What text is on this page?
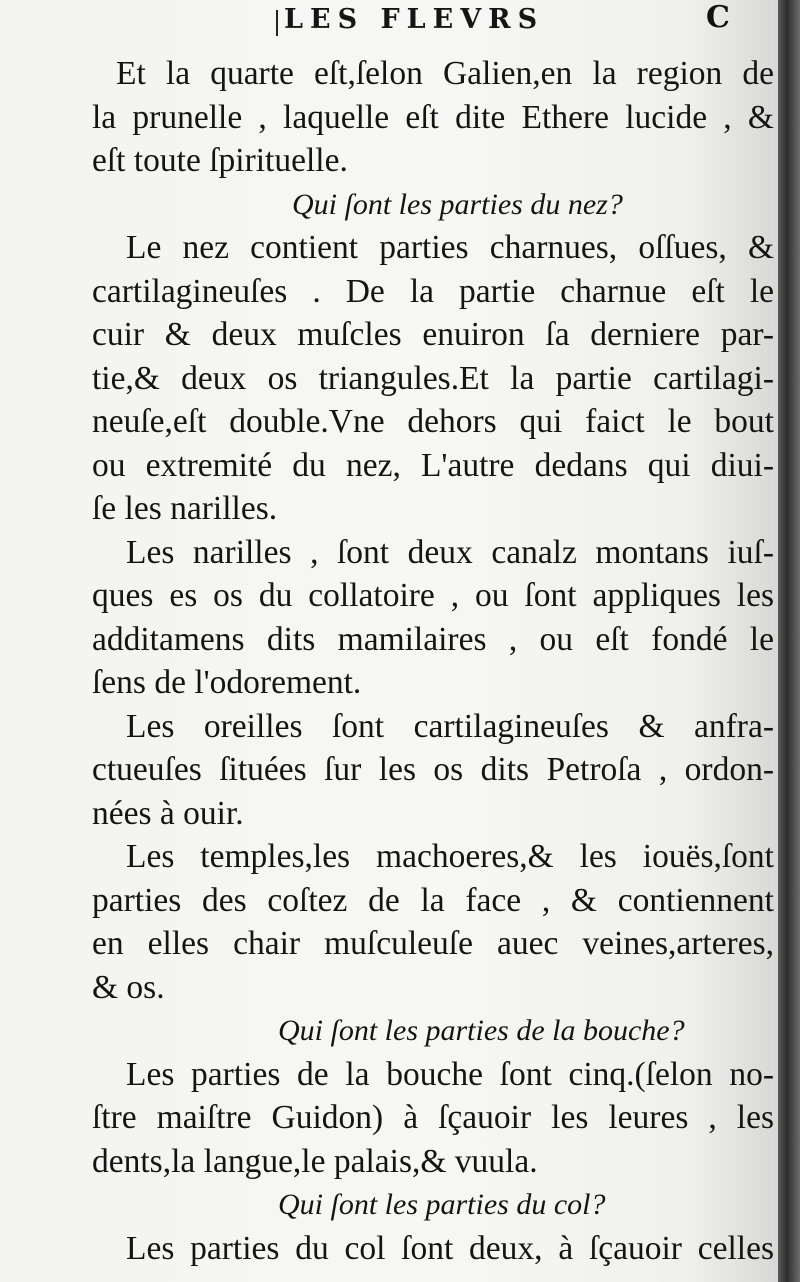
LES FLEVRS	C
Et la quarte eſt,ſelon Galien,en la region de
la prunelle , laquelle eſt dite Ethere lucide , &
eſt toute ſpirituelle.
Qui ſont les parties du nez?
Le nez contient parties charnues, oſſues, &
cartilagineuſes . De la partie charnue eſt le
cuir & deux muſcles enuiron ſa derniere par-
tie,& deux os triangules.Et la partie cartilagi-
neuſe,eſt double.Vne dehors qui faict le bout
ou extremité du nez, L'autre dedans qui diui-
ſe les narilles.
Les narilles , ſont deux canalz montans iuſ-
ques es os du collatoire , ou ſont appliques les
additamens dits mamilaires , ou eſt fondé le
ſens de l'odorement.
Les oreilles ſont cartilagineuſes & anfra-
ctueuſes ſituées ſur les os dits Petroſa , ordon-
nées à ouir.
Les temples,les machoeres,& les iouës,ſont
parties des coſtez de la face , & contiennent
en elles chair muſculeuſe auec veines,arteres,
& os.
Qui ſont les parties de la bouche?
Les parties de la bouche ſont cinq.(ſelon no-
ſtre maiſtre Guidon) à ſçauoir les leures , les
dents,la langue,le palais,& vuula.
Qui ſont les parties du col?
Les parties du col ſont deux, à ſçauoir celles
